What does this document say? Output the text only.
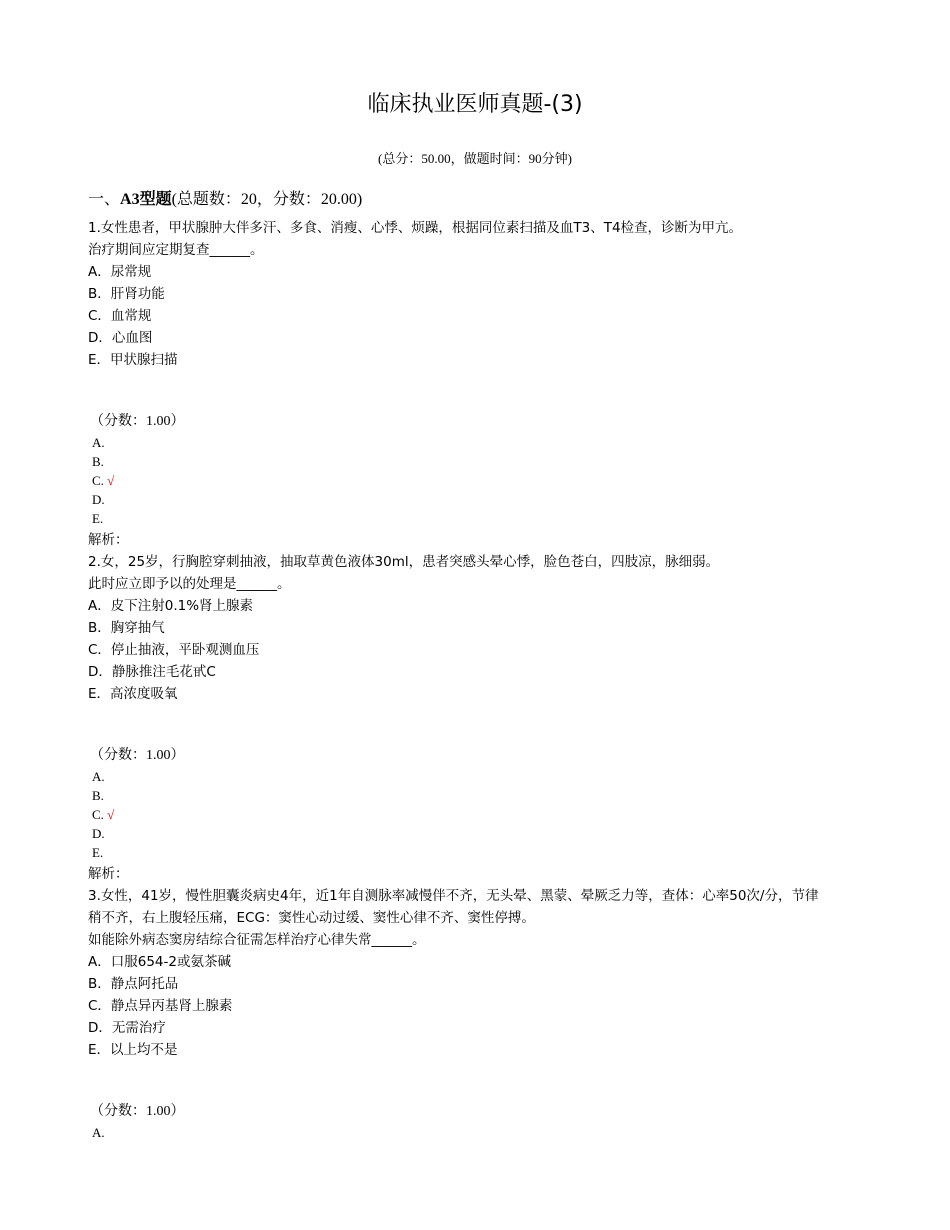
临床执业医师真题-(3)
(总分：50.00，做题时间：90分钟)
一、A3型题(总题数：20，分数：20.00)
1.女性患者，甲状腺肿大伴多汗、多食、消瘦、心悸、烦躁，根据同位素扫描及血T3、T4检查，诊断为甲亢。
治疗期间应定期复查______。
A．尿常规
B．肝肾功能
C．血常规
D．心血图
E．甲状腺扫描
（分数：1.00）
A.
B.
C. √
D.
E.
解析：
2.女，25岁，行胸腔穿刺抽液，抽取草黄色液体30ml，患者突感头晕心悸，脸色苍白，四肢凉，脉细弱。
此时应立即予以的处理是______。
A．皮下注射0.1%肾上腺素
B．胸穿抽气
C．停止抽液，平卧观测血压
D．静脉推注毛花甙C
E．高浓度吸氧
（分数：1.00）
A.
B.
C. √
D.
E.
解析：
3.女性，41岁，慢性胆囊炎病史4年，近1年自测脉率减慢伴不齐，无头晕、黑蒙、晕厥乏力等，查体：心率50次/分，节律
稍不齐，右上腹轻压痛，ECG：窦性心动过缓、窦性心律不齐、窦性停搏。
如能除外病态窦房结综合征需怎样治疗心律失常______。
A．口服654-2或氨茶碱
B．静点阿托品
C．静点异丙基肾上腺素
D．无需治疗
E．以上均不是
（分数：1.00）
A.
